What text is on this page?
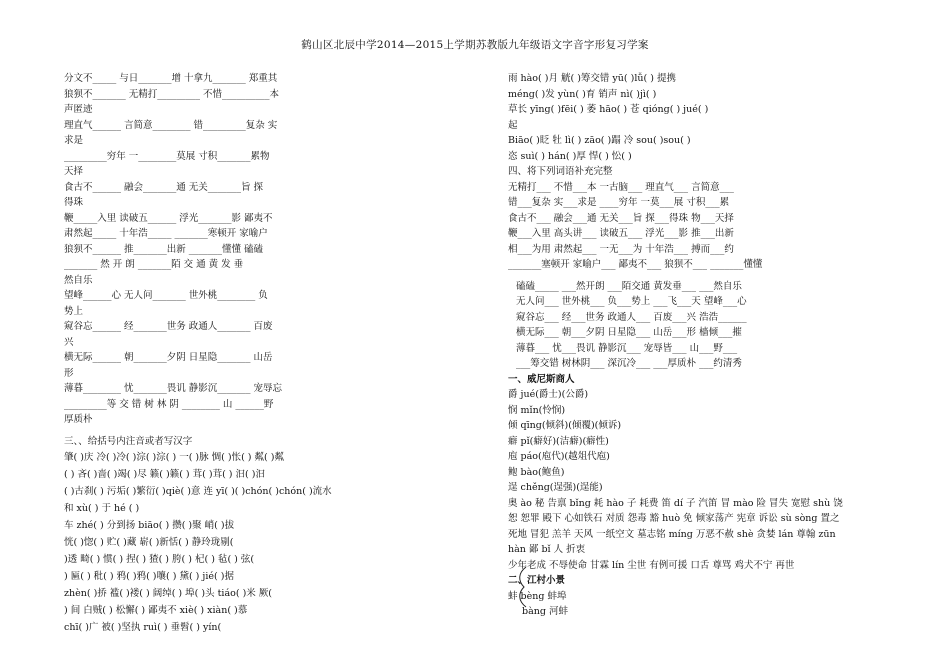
鹤山区北辰中学2014—2015上学期苏教版九年级语文字音字形复习学案
分文不_____ 与日_______增 十拿九_______ 郑重其
狼狈不_______ 无精打_________ 不惜__________本
声匿迹
理直气______ 言简意________ 错_________复杂 实
求是
_________穷年 一________莫展 寸积_______累物
天择
食古不______ 融会_______通 无关_______旨 探
得珠
鞭_____入里 读破五______ 浮光_______影 鄙夷不
肃然起_____ 十年浩_____ _______寒顿开 家喻户
狼狈不______ 推_______出新 _______懂懂 磕磕
_______ 然 开 朗 _______陌 交 通 黄 发 垂
然自乐
望峰______心 无人问_______ 世外桃________ 负
势上
窥谷忘______ 经_______世务 政通人_______ 百废
兴
横无际______ 朝_______夕阴 日星隐_______ 山岳
形
薄暮________ 忧_______畏讥 静影沉_______ 宠辱忘
_________等 交 错 树 林 阴 ________ 山 ______野
厚质朴
三、、给括号内注音或者写汉字
肇( )庆 冷( )冷( )淙( )淙( ) 一( )脉 惆( )怅( ) 粼( )粼
( ) 吝( )啬( )竭( )尽 籁( )籁( ) 茸( )茸( ) 汩( )汩
( )古刹( ) 污垢( )繁衍( )qiè( )意 连 yī( )( )chón( )chón( )流水
和 xù( ) 于 hé ( )
车 zhé( ) 分到扬 biāo( ) 攒( )聚 峭( )拔
恍( )惚( ) 贮( )藏 崭( )新恬( ) 静玲珑剔(
)透 畸( ) 惯( ) 捏( ) 猹( ) 胯( ) 杞( ) 毡( ) 弦(
) 匾( ) 秕( ) 鸦( )鸦( )嚷( ) 黛( ) jié( )据
zhèn( )挢 褴( )褛( ) 阔绰( ) 埠( )头 tiáo( )米 厥(
) 间 白贼( ) 松懈( ) 鄙夷不 xiè( ) xiàn( )慕
chī( )广 被( )坚执 ruì( ) 垂髫( ) yín(
雨 hào( )月 觥( )筹交错 yū( )lǚ( ) 提携
méng( )发 yùn( )育 销声 nì( )jì( )
草长 yīng( )fēi( ) 萎 hāo( ) 苍 qióng( ) jué( )
起
Biāo( )眨 牡 lì( ) zāo( )蹋 冷 sou( )sou( )
恣 suì( ) hán( )厚 悍( ) 忪( )
四、将下列词语补充完整
无精打___ 不惜___本 一古脑___ 理直气___ 言简意___
错___复杂 实___求是 ____穷年 一莫___展 寸积___累
食古不___ 融会___通 无关___旨 探___得珠 物___天择
鞭___入里 高头讲___ 读破五___ 浮光___影 推___出新
相___为用 肃然起___ 一无___为 十年浩___ 搏而___约
_______塞顿开 家喻户___ 鄙夷不___ 狼狈不___ _______懂懂
磕磕_____ ___然开朗 ___陌交通 黄发垂___ ___然自乐
无人问___ 世外桃___ 负___势上 ___飞___天 望峰___心
窥谷忘___ 经___世务 政通人___ 百废___兴 浩浩______
横无际___ 朝___夕阴 日星隐___ 山岳___形 樯倾___摧
薄暮___ 忧___畏讥 静影沉___ 宠辱皆___ 山___野___
___筹交错 树林阴___ 深沉冷___ ___厚质朴 ___约清秀
一、威尼斯商人
爵 jué(爵士)(公爵)
悯 mǐn(怜悯)
倾 qīng(倾斜)(倾覆)(倾诉)
癖 pǐ(癖好)(洁癖)(癖性)
庖 páo(庖代)(越俎代庖)
鲍 bào(鲍鱼)
逞 chěng(逞强)(逞能)
奥 ào 秘 告禀 bǐng 耗 hào 子 耗费 笛 dí 子 汽笛 冒 mào 险 冒失 宽慰 shù 饶
恕 恕罪 殿下 心如铁石 对质 怨毒 豁 huò 免 倾家荡产 宪章 诉讼 sù sòng 置之
死地 冒犯 羔羊 天风 一纸空文 墓志铭 míng 万恶不赦 shè 贪婪 lán 尊翰 zūn
hàn 鄙 bǐ 人 折衷
少年老成 不辱使命 甘霖 lín 尘世 有例可援 口舌 尊骂 鸡犬不宁 再世
二、江村小景
蚌 bèng 蚌埠
bàng 河蚌
